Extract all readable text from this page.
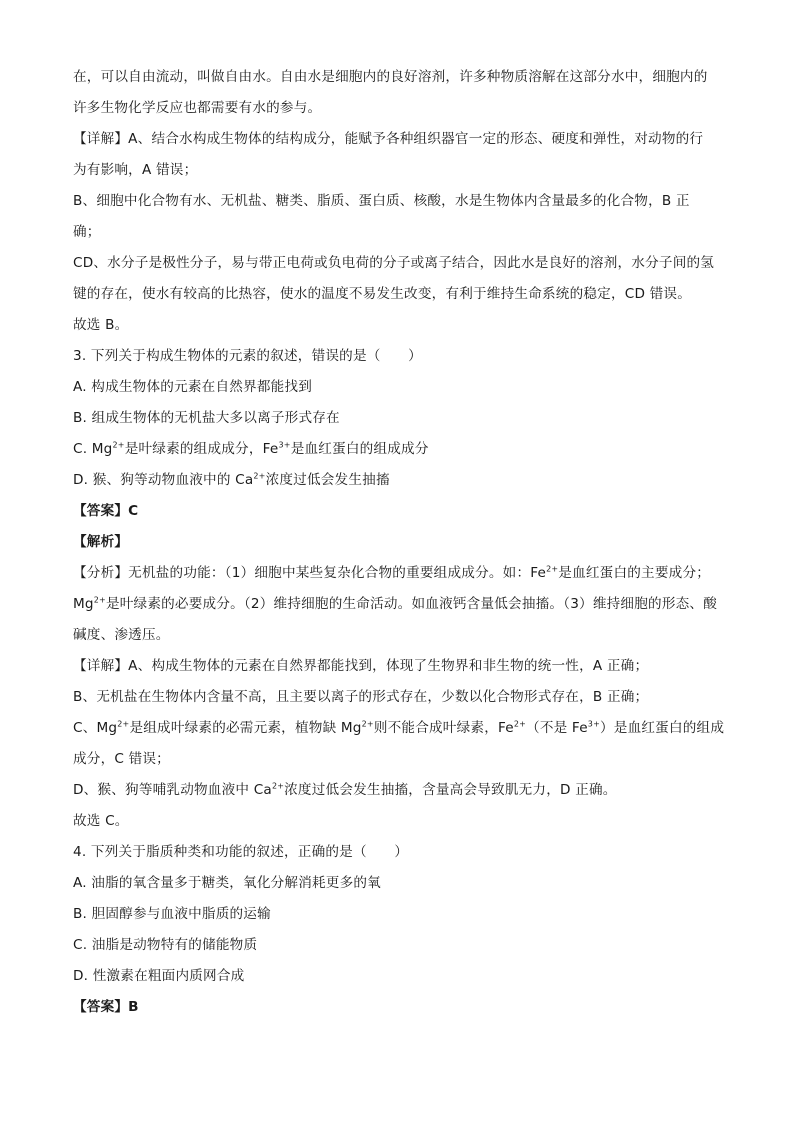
在，可以自由流动，叫做自由水。自由水是细胞内的良好溶剂，许多种物质溶解在这部分水中，细胞内的
许多生物化学反应也都需要有水的参与。
【详解】A、结合水构成生物体的结构成分，能赋予各种组织器官一定的形态、硬度和弹性，对动物的行
为有影响，A 错误；
B、细胞中化合物有水、无机盐、糖类、脂质、蛋白质、核酸，水是生物体内含量最多的化合物，B 正
确；
CD、水分子是极性分子，易与带正电荷或负电荷的分子或离子结合，因此水是良好的溶剂，水分子间的氢
键的存在，使水有较高的比热容，使水的温度不易发生改变，有利于维持生命系统的稳定，CD 错误。
故选 B。
3. 下列关于构成生物体的元素的叙述，错误的是（　　）
A. 构成生物体的元素在自然界都能找到
B. 组成生物体的无机盐大多以离子形式存在
C. $Mg^{2+}$是叶绿素的组成成分，$Fe^{3+}$是血红蛋白的组成成分
D. 猴、狗等动物血液中的 $Ca^{2+}$浓度过低会发生抽搐
【答案】C
【解析】
【分析】无机盐的功能：（1）细胞中某些复杂化合物的重要组成成分。如：$Fe^{2+}$是血红蛋白的主要成分；
$Mg^{2+}$是叶绿素的必要成分。（2）维持细胞的生命活动。如血液钙含量低会抽搐。（3）维持细胞的形态、酸
碱度、渗透压。
【详解】A、构成生物体的元素在自然界都能找到，体现了生物界和非生物的统一性，A 正确；
B、无机盐在生物体内含量不高，且主要以离子的形式存在，少数以化合物形式存在，B 正确；
C、$Mg^{2+}$是组成叶绿素的必需元素，植物缺 $Mg^{2+}$则不能合成叶绿素，$Fe^{2+}$（不是 $Fe^{3+}$）是血红蛋白的组成
成分，C 错误；
D、猴、狗等哺乳动物血液中 $Ca^{2+}$浓度过低会发生抽搐，含量高会导致肌无力，D 正确。
故选 C。
4. 下列关于脂质种类和功能的叙述，正确的是（　　）
A. 油脂的氧含量多于糖类，氧化分解消耗更多的氧
B. 胆固醇参与血液中脂质的运输
C. 油脂是动物特有的储能物质
D. 性激素在粗面内质网合成
【答案】B
